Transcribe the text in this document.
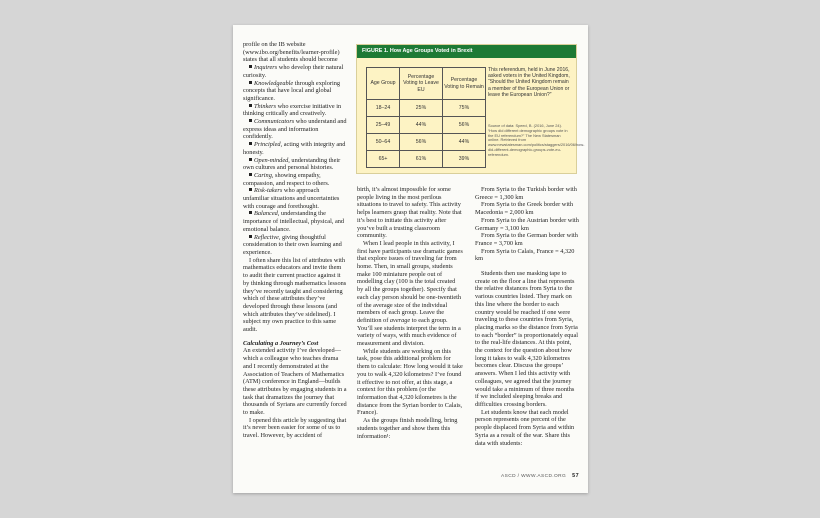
profile on the IB website (www.ibo.org/benefits/learner-profile) states that all students should become

Inquirers who develop their natural curiosity.

Knowledgeable through exploring concepts that have local and global significance.

Thinkers who exercise initiative in thinking critically and creatively.

Communicators who understand and express ideas and information confidently.

Principled, acting with integrity and honesty.

Open-minded, understanding their own cultures and personal histories.

Caring, showing empathy, compassion, and respect to others.

Risk-takers who approach unfamiliar situations and uncertainties with courage and forethought.

Balanced, understanding the importance of intellectual, physical, and emotional balance.

Reflective, giving thoughtful consideration to their own learning and experience.

I often share this list of attributes with mathematics educators and invite them to audit their current practice against it by thinking through mathematics lessons they’ve recently taught and considering which of these attributes they’ve developed through these lessons (and which attributes they’ve sidelined). I subject my own practice to this same audit.

Calculating a Journey’s Cost

An extended activity I’ve developed—which a colleague who teaches drama and I recently demonstrated at the Association of Teachers of Mathematics (ATM) conference in England—builds these attributes by engaging students in a task that dramatizes the journey that thousands of Syrians are currently forced to make.

I opened this article by suggesting that it’s never been easier for some of us to travel. However, by accident of

FIGURE 1. How Age Groups Voted in Brexit
Age Group	Percentage Voting to Leave EU	Percentage Voting to Remain
18–24	25%	75%
25–49	44%	56%
50–64	56%	44%
65+	61%	39%
This referendum, held in June 2016, asked voters in the United Kingdom, “Should the United Kingdom remain a member of the European Union or leave the European Union?”
Source of data: Speed, B. (2016, June 24). “How did different demographic groups vote in the EU referendum?” The New Statesman online. Retrieved from www.newstatesman.com/politics/staggers/2016/06/how-did-different-demographic-groups-vote-eu-referendum.

birth, it’s almost impossible for some people living in the most perilous situations to travel to safety. This activity helps learners grasp that reality. Note that it’s best to initiate this activity after you’ve built a trusting classroom community.

When I lead people in this activity, I first have participants use dramatic games that explore issues of traveling far from home. Then, in small groups, students make 100 miniature people out of modelling clay (100 is the total created by all the groups together). Specify that each clay person should be one-twentieth of the average size of the individual members of each group. Leave the definition of average to each group. You’ll see students interpret the term in a variety of ways, with much evidence of measurement and division.

While students are working on this task, pose this additional problem for them to calculate: How long would it take you to walk 4,320 kilometres? I’ve found it effective to not offer, at this stage, a context for this problem (or the information that 4,320 kilometres is the distance from the Syrian border to Calais, France).

As the groups finish modelling, bring students together and show them this information¹:

From Syria to the Turkish border with Greece = 1,300 km

From Syria to the Greek border with Macedonia = 2,000 km

From Syria to the Austrian border with Germany = 3,100 km

From Syria to the German border with France = 3,700 km

From Syria to Calais, France = 4,320 km

Students then use masking tape to create on the floor a line that represents the relative distances from Syria to the various countries listed. They mark on this line where the border to each country would be reached if one were traveling to these countries from Syria, placing marks so the distance from Syria to each “border” is proportionately equal to the real-life distances. At this point, the context for the question about how long it takes to walk 4,320 kilometres becomes clear. Discuss the groups’ answers. When I led this activity with colleagues, we agreed that the journey would take a minimum of three months if we included sleeping breaks and difficulties crossing borders.

Let students know that each model person represents one percent of the people displaced from Syria and within Syria as a result of the war. Share this data with students:

ASCD / WWW.ASCD.ORG 57
